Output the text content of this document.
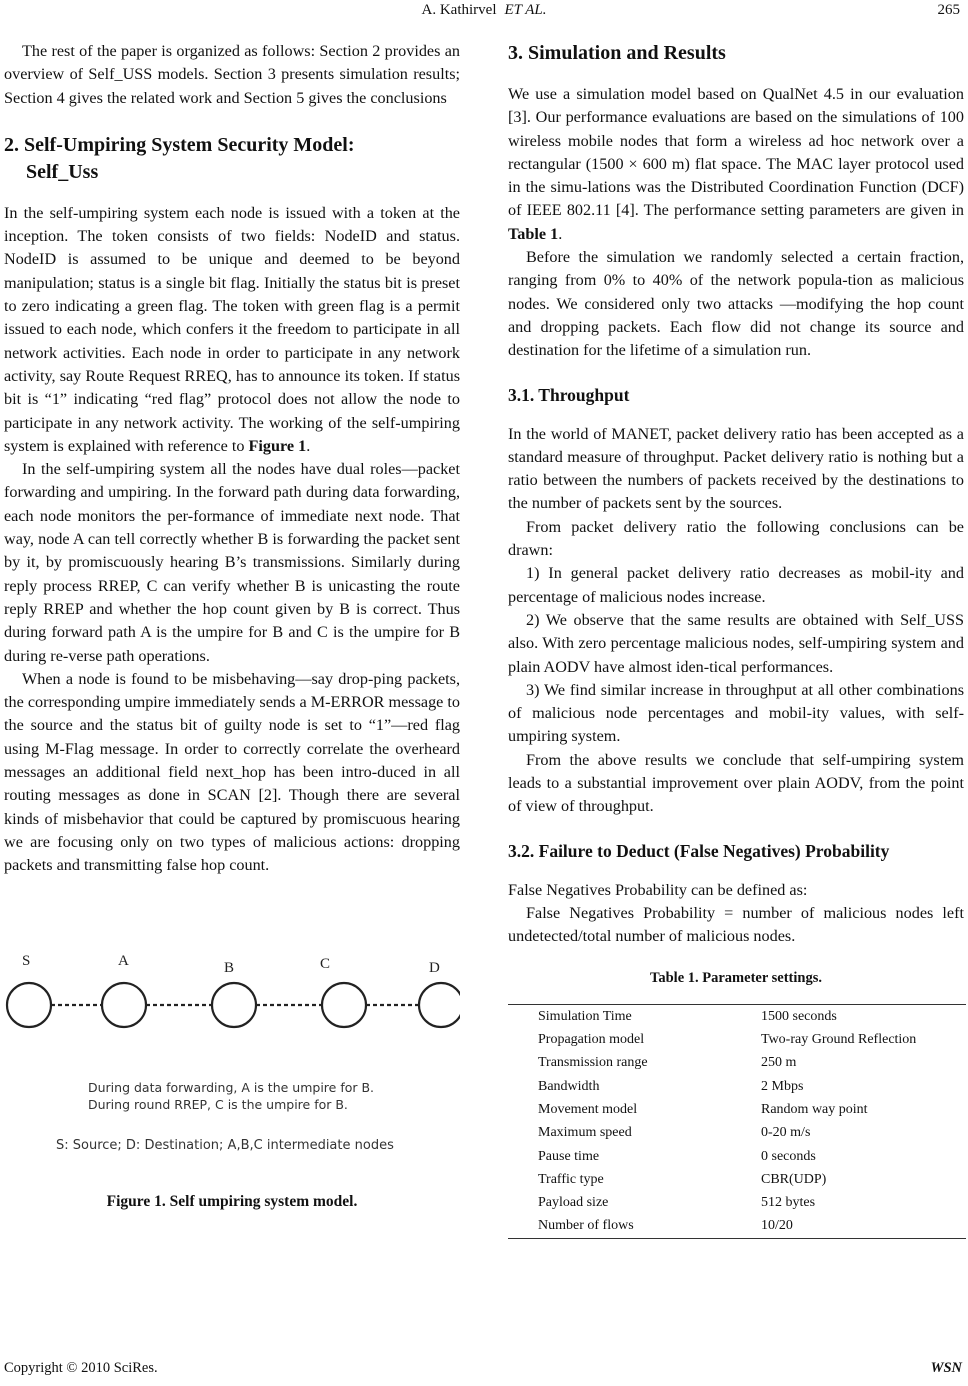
A. Kathirvel ET AL.	265

The rest of the paper is organized as follows: Section 2 provides an overview of Self_USS models. Section 3 presents simulation results; Section 4 gives the related work and Section 5 gives the conclusions

2. Self-Umpiring System Security Model:
Self_Uss

In the self-umpiring system each node is issued with a token at the inception. The token consists of two fields: NodeID and status. NodeID is assumed to be unique and deemed to be beyond manipulation; status is a single bit flag. Initially the status bit is preset to zero indicating a green flag. The token with green flag is a permit issued to each node, which confers it the freedom to participate in all network activities. Each node in order to participate in any network activity, say Route Request RREQ, has to announce its token. If status bit is “1” indicating “red flag” protocol does not allow the node to participate in any network activity. The working of the self-umpiring system is explained with reference to Figure 1.

In the self-umpiring system all the nodes have dual roles—packet forwarding and umpiring. In the forward path during data forwarding, each node monitors the per-formance of immediate next node. That way, node A can tell correctly whether B is forwarding the packet sent by it, by promiscuously hearing B’s transmissions. Similarly during reply process RREP, C can verify whether B is unicasting the route reply RREP and whether the hop count given by B is correct. Thus during forward path A is the umpire for B and C is the umpire for B during re-verse path operations.

When a node is found to be misbehaving—say drop-ping packets, the corresponding umpire immediately sends a M-ERROR message to the source and the status bit of guilty node is set to “1”—red flag using M-Flag message. In order to correctly correlate the overheard messages an additional field next_hop has been intro-duced in all routing messages as done in SCAN [2]. Though there are several kinds of misbehavior that could be captured by promiscuous hearing we are focusing only on two types of malicious actions: dropping packets and transmitting false hop count.

S	A	B	C	D
During data forwarding, A is the umpire for B.
During round RREP, C is the umpire for B.
S: Source; D: Destination; A,B,C intermediate nodes
Figure 1. Self umpiring system model.
3. Simulation and Results

We use a simulation model based on QualNet 4.5 in our evaluation [3]. Our performance evaluations are based on the simulations of 100 wireless mobile nodes that form a wireless ad hoc network over a rectangular (1500 × 600 m) flat space. The MAC layer protocol used in the simu-lations was the Distributed Coordination Function (DCF) of IEEE 802.11 [4]. The performance setting parameters are given in Table 1.

Before the simulation we randomly selected a certain fraction, ranging from 0% to 40% of the network popula-tion as malicious nodes. We considered only two attacks —modifying the hop count and dropping packets. Each flow did not change its source and destination for the lifetime of a simulation run.

3.1. Throughput

In the world of MANET, packet delivery ratio has been accepted as a standard measure of throughput. Packet delivery ratio is nothing but a ratio between the numbers of packets received by the destinations to the number of packets sent by the sources.

From packet delivery ratio the following conclusions can be drawn:

1) In general packet delivery ratio decreases as mobil-ity and percentage of malicious nodes increase.

2) We observe that the same results are obtained with Self_USS also. With zero percentage malicious nodes, self-umpiring system and plain AODV have almost iden-tical performances.

3) We find similar increase in throughput at all other combinations of malicious node percentages and mobil-ity values, with self-umpiring system.

From the above results we conclude that self-umpiring system leads to a substantial improvement over plain AODV, from the point of view of throughput.

3.2. Failure to Deduct (False Negatives) Probability

False Negatives Probability can be defined as:

False Negatives Probability = number of malicious nodes left undetected/total number of malicious nodes.

Table 1. Parameter settings.
Simulation Time	1500 seconds
Propagation model	Two-ray Ground Reflection
Transmission range	250 m
Bandwidth	2 Mbps
Movement model	Random way point
Maximum speed	0-20 m/s
Pause time	0 seconds
Traffic type	CBR(UDP)
Payload size	512 bytes
Number of flows	10/20
Copyright © 2010 SciRes.	WSN
